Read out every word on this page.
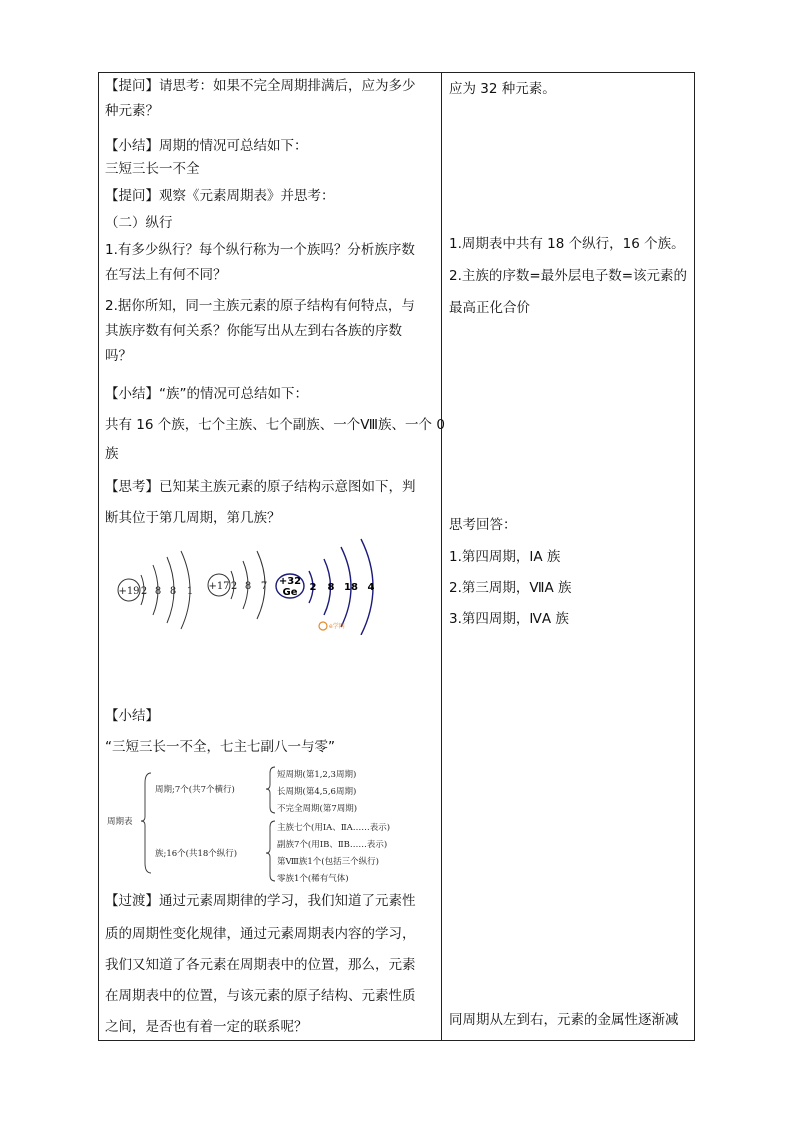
【提问】请思考：如果不完全周期排满后，应为多少
种元素？
【小结】周期的情况可总结如下：
三短三长一不全
【提问】观察《元素周期表》并思考：
（二）纵行
1.有多少纵行？每个纵行称为一个族吗？分析族序数
在写法上有何不同？
2.据你所知，同一主族元素的原子结构有何特点，与
其族序数有何关系？你能写出从左到右各族的序数
吗？
【小结】“族”的情况可总结如下：
共有 16 个族，七个主族、七个副族、一个Ⅷ族、一个 0
族
【思考】已知某主族元素的原子结构示意图如下，判
断其位于第几周期，第几族？
+19 2 8 8 1 +17 2 8 7 +32
Ge 2 8 18 4
e学网
【小结】
“三短三长一不全，七主七副八一与零”
周期表
周期;7个(共7个横行)
短周期(第1,2,3周期)
长周期(第4,5,6周期)
不完全周期(第7周期)
族;16个(共18个纵行)
主族七个(用ⅠA、ⅡA……表示)
副族7个(用ⅠB、ⅡB……表示)
第Ⅷ族1个(包括三个纵行)
零族1个(稀有气体)
【过渡】通过元素周期律的学习，我们知道了元素性
质的周期性变化规律，通过元素周期表内容的学习，
我们又知道了各元素在周期表中的位置，那么，元素
在周期表中的位置，与该元素的原子结构、元素性质
之间，是否也有着一定的联系呢？
应为 32 种元素。
1.周期表中共有 18 个纵行，16 个族。
2.主族的序数=最外层电子数=该元素的
最高正化合价
思考回答：
1.第四周期，IA 族
2.第三周期，ⅦA 族
3.第四周期，ⅣA 族
同周期从左到右，元素的金属性逐渐减
